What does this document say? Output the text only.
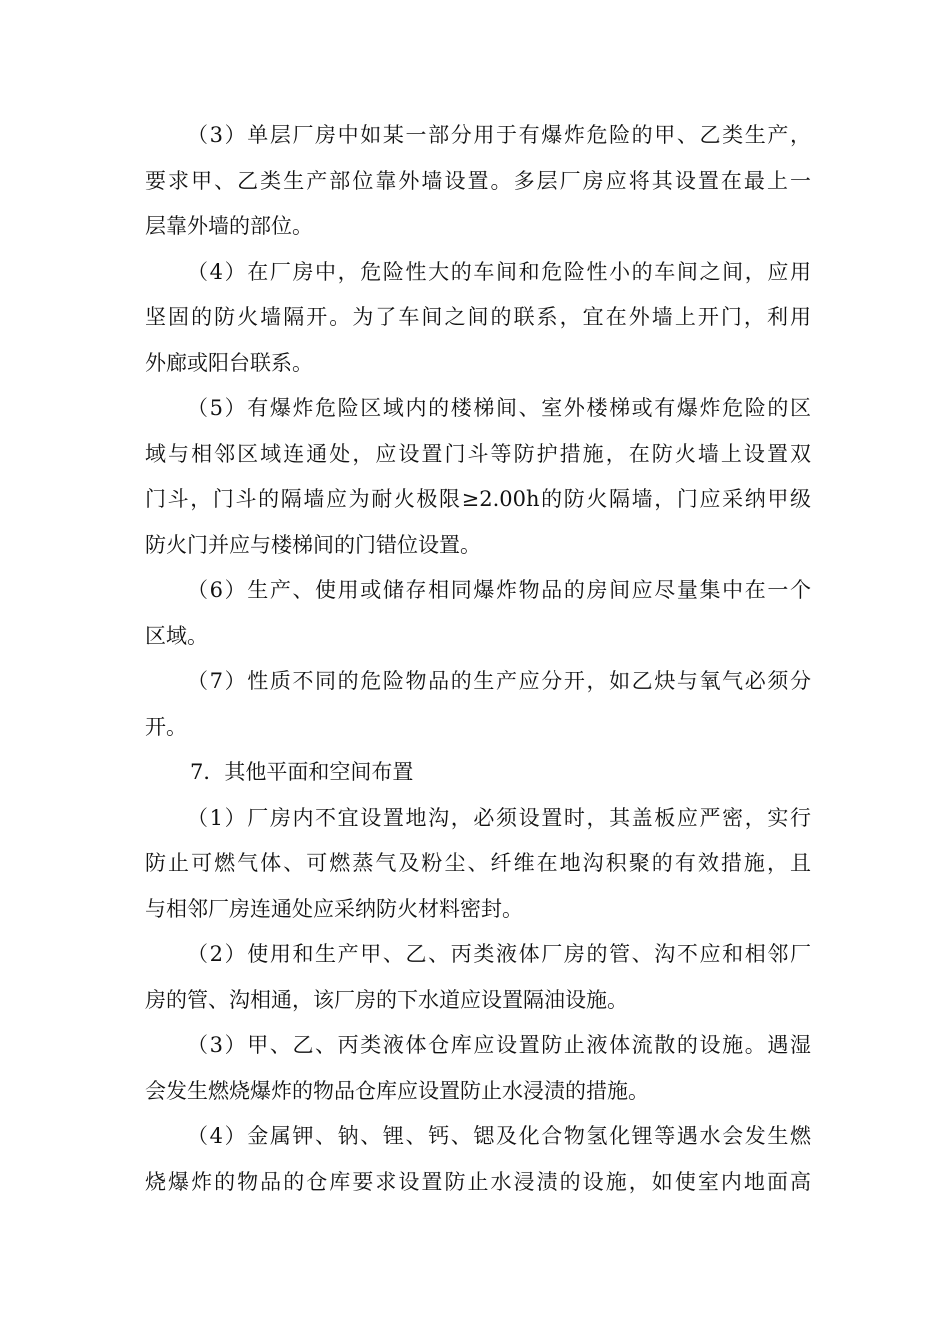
（3）单层厂房中如某一部分用于有爆炸危险的甲、乙类生产，
要求甲、乙类生产部位靠外墙设置。多层厂房应将其设置在最上一
层靠外墙的部位。
（4）在厂房中，危险性大的车间和危险性小的车间之间，应用
坚固的防火墙隔开。为了车间之间的联系，宜在外墙上开门，利用
外廊或阳台联系。
（5）有爆炸危险区域内的楼梯间、室外楼梯或有爆炸危险的区
域与相邻区域连通处，应设置门斗等防护措施，在防火墙上设置双
门斗，门斗的隔墙应为耐火极限≥2.00h的防火隔墙，门应采纳甲级
防火门并应与楼梯间的门错位设置。
（6）生产、使用或储存相同爆炸物品的房间应尽量集中在一个
区域。
（7）性质不同的危险物品的生产应分开，如乙炔与氧气必须分
开。
7．其他平面和空间布置
（1）厂房内不宜设置地沟，必须设置时，其盖板应严密，实行
防止可燃气体、可燃蒸气及粉尘、纤维在地沟积聚的有效措施，且
与相邻厂房连通处应采纳防火材料密封。
（2）使用和生产甲、乙、丙类液体厂房的管、沟不应和相邻厂
房的管、沟相通，该厂房的下水道应设置隔油设施。
（3）甲、乙、丙类液体仓库应设置防止液体流散的设施。遇湿
会发生燃烧爆炸的物品仓库应设置防止水浸渍的措施。
（4）金属钾、钠、锂、钙、锶及化合物氢化锂等遇水会发生燃
烧爆炸的物品的仓库要求设置防止水浸渍的设施，如使室内地面高
